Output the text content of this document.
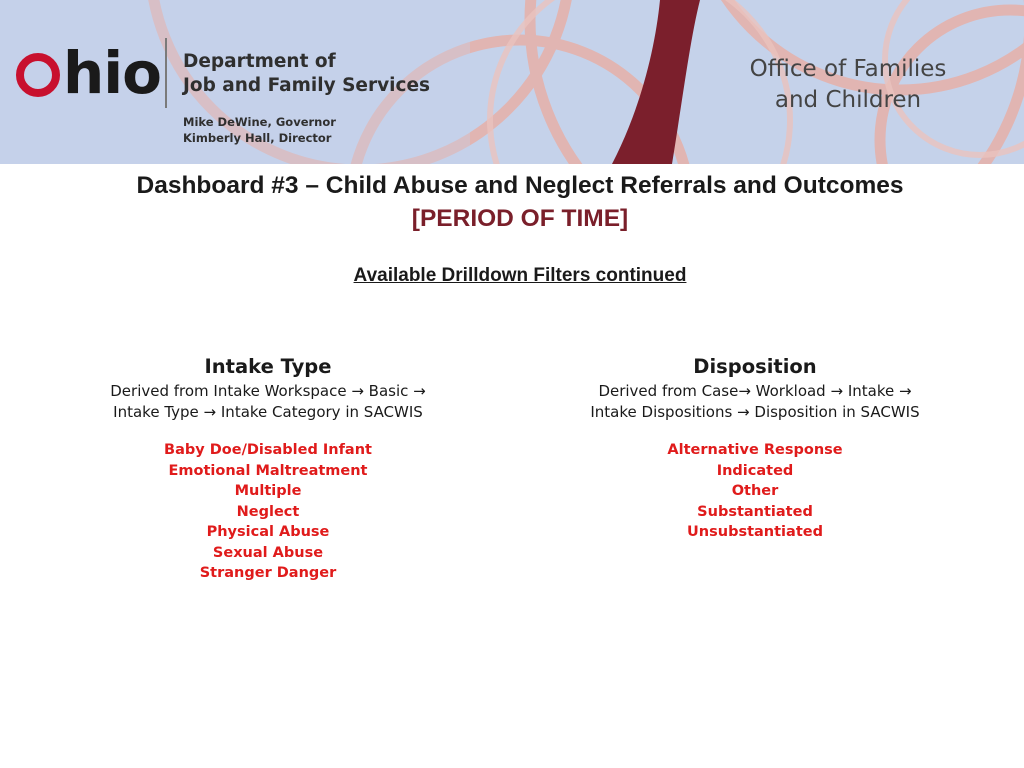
hio Department of
Job and Family Services
Mike DeWine, Governor
Kimberly Hall, Director
Office of Families
and Children
Dashboard #3 – Child Abuse and Neglect Referrals and Outcomes
[PERIOD OF TIME]
Available Drilldown Filters continued
Intake Type
Derived from Intake Workspace → Basic → Intake Type → Intake Category in SACWIS
Baby Doe/Disabled Infant
Emotional Maltreatment
Multiple
Neglect
Physical Abuse
Sexual Abuse
Stranger Danger
Disposition
Derived from Case→ Workload → Intake → Intake Dispositions → Disposition in SACWIS
Alternative Response
Indicated
Other
Substantiated
Unsubstantiated
